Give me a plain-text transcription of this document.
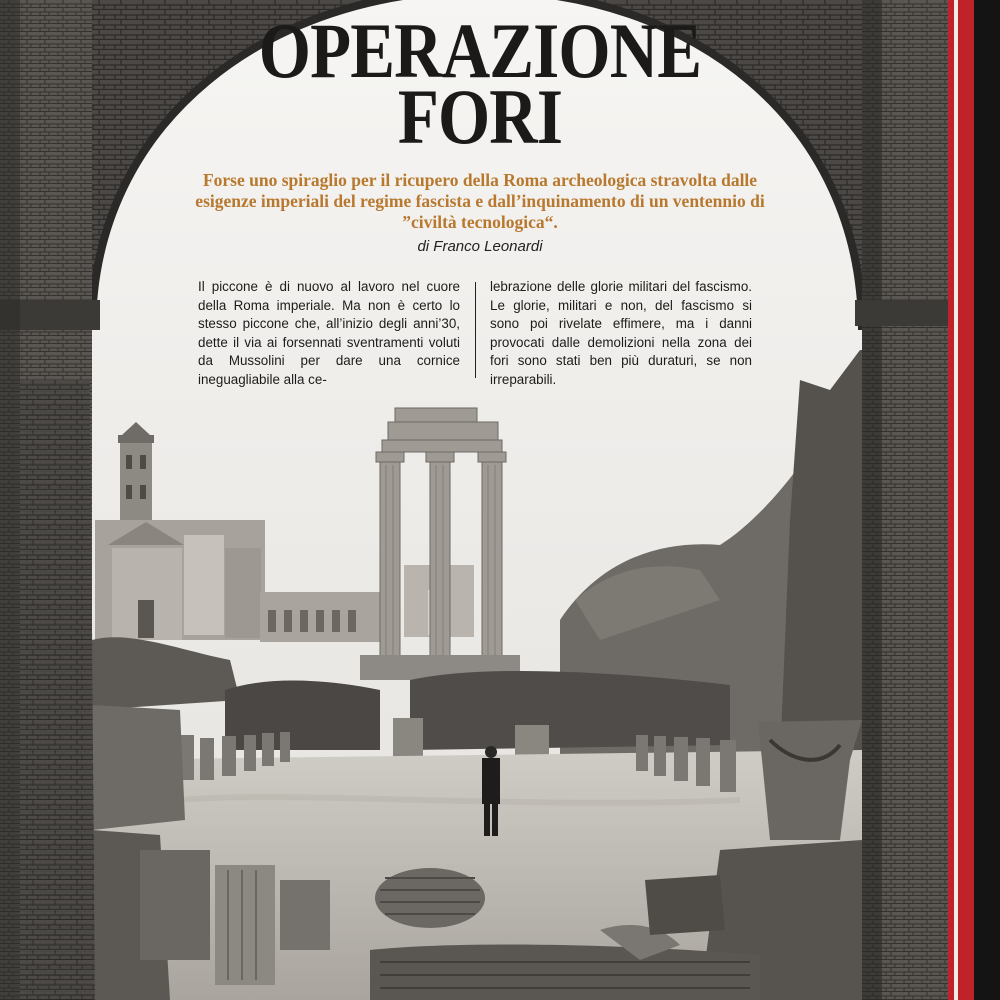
OPERAZIONE
FORI
Forse uno spiraglio per il ricupero della Roma archeologica stravolta dalle esigenze imperiali del regime fascista e dall’inquinamento di un ventennio di ”civiltà tecnologica“.
di Franco Leonardi
Il piccone è di nuovo al lavoro nel cuore della Roma imperiale. Ma non è certo lo stesso piccone che, all’inizio degli anni’30, dette il via ai forsennati sventramenti voluti da Mussolini per dare una cornice ineguagliabile alla ce-
lebrazione delle glorie militari del fascismo. Le glorie, militari e non, del fascismo si sono poi rivelate effimere, ma i danni provocati dalle demolizioni nella zona dei fori sono stati ben più duraturi, se non irreparabili.
